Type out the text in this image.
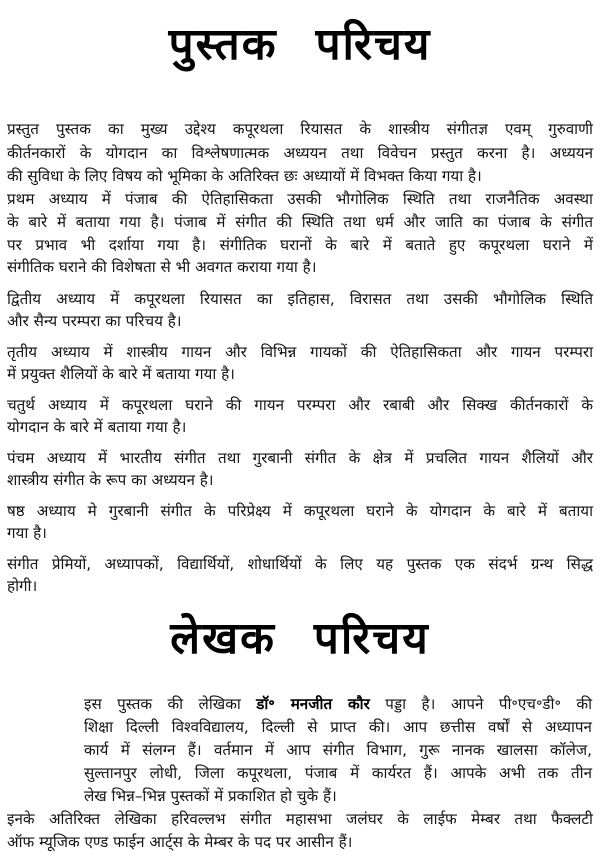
पुस्तक परिचय
प्रस्तुत पुस्तक का मुख्य उद्देश्य कपूरथला रियासत के शास्त्रीय संगीतज्ञ एवम् गुरुवाणी
कीर्तनकारों के योगदान का विश्लेषणात्मक अध्ययन तथा विवेचन प्रस्तुत करना है। अध्ययन
की सुविधा के लिए विषय को भूमिका के अतिरिक्त छः अध्यायों में विभक्त किया गया है।
प्रथम अध्याय में पंजाब की ऐतिहासिकता उसकी भौगोलिक स्थिति तथा राजनैतिक अवस्था
के बारे में बताया गया है। पंजाब में संगीत की स्थिति तथा धर्म और जाति का पंजाब के संगीत
पर प्रभाव भी दर्शाया गया है। संगीतिक घरानों के बारे में बताते हुए कपूरथला घराने में
संगीतिक घराने की विशेषता से भी अवगत कराया गया है।
द्वितीय अध्याय में कपूरथला रियासत का इतिहास, विरासत तथा उसकी भौगोलिक स्थिति
और सैन्य परम्परा का परिचय है।
तृतीय अध्याय में शास्त्रीय गायन और विभिन्न गायकों की ऐतिहासिकता और गायन परम्परा
में प्रयुक्त शैलियों के बारे में बताया गया है।
चतुर्थ अध्याय में कपूरथला घराने की गायन परम्परा और रबाबी और सिक्ख कीर्तनकारों के
योगदान के बारे में बताया गया है।
पंचम अध्याय में भारतीय संगीत तथा गुरबानी संगीत के क्षेत्र में प्रचलित गायन शैलियों और
शास्त्रीय संगीत के रूप का अध्ययन है।
षष्ठ अध्याय मे गुरबानी संगीत के परिप्रेक्ष्य में कपूरथला घराने के योगदान के बारे में बताया
गया है।
संगीत प्रेमियों, अध्यापकों, विद्यार्थियों, शोधार्थियों के लिए यह पुस्तक एक संदर्भ ग्रन्थ सिद्ध
होगी।
लेखक परिचय
इस पुस्तक की लेखिका डॉ॰ मनजीत कौर पड्डा है। आपने पी॰एच॰डी॰ की
शिक्षा दिल्ली विश्वविद्यालय, दिल्ली से प्राप्त की। आप छत्तीस वर्षों से अध्यापन
कार्य में संलग्न हैं। वर्तमान में आप संगीत विभाग, गुरू नानक खालसा कॉलेज,
सुल्तानपुर लोधी, जिला कपूरथला, पंजाब में कार्यरत हैं। आपके अभी तक तीन
लेख भिन्न–भिन्न पुस्तकों में प्रकाशित हो चुके हैं।
इनके अतिरिक्त लेखिका हरिवल्लभ संगीत महासभा जलंघर के लाईफ मेम्बर तथा फैक्लटी
ऑफ म्यूजिक एण्ड फाईन आर्ट्स के मेम्बर के पद पर आसीन हैं।
